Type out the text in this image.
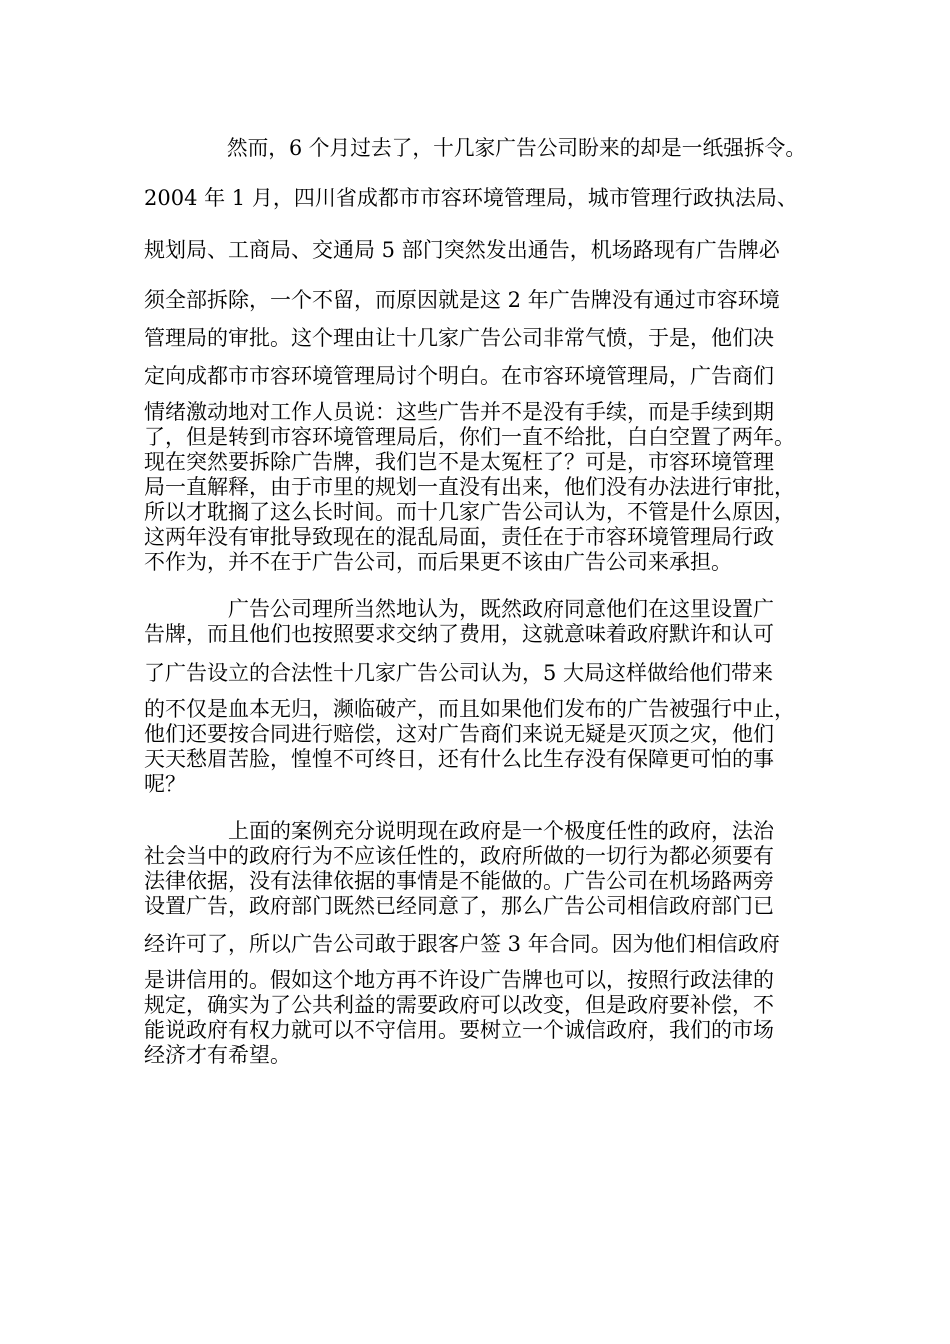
　　　　然而，6 个月过去了，十几家广告公司盼来的却是一纸强拆令。
2004 年 1 月，四川省成都市市容环境管理局，城市管理行政执法局、
规划局、工商局、交通局 5 部门突然发出通告，机场路现有广告牌必
须全部拆除，一个不留，而原因就是这 2 年广告牌没有通过市容环境
管理局的审批。这个理由让十几家广告公司非常气愤，于是，他们决
定向成都市市容环境管理局讨个明白。在市容环境管理局，广告商们
情绪激动地对工作人员说：这些广告并不是没有手续，而是手续到期
了，但是转到市容环境管理局后，你们一直不给批，白白空置了两年。
现在突然要拆除广告牌，我们岂不是太冤枉了？可是，市容环境管理
局一直解释，由于市里的规划一直没有出来，他们没有办法进行审批，
所以才耽搁了这么长时间。而十几家广告公司认为，不管是什么原因，
这两年没有审批导致现在的混乱局面，责任在于市容环境管理局行政
不作为，并不在于广告公司，而后果更不该由广告公司来承担。
　　　　广告公司理所当然地认为，既然政府同意他们在这里设置广
告牌，而且他们也按照要求交纳了费用，这就意味着政府默许和认可
了广告设立的合法性十几家广告公司认为，5 大局这样做给他们带来
的不仅是血本无归，濒临破产，而且如果他们发布的广告被强行中止，
他们还要按合同进行赔偿，这对广告商们来说无疑是灭顶之灾，他们
天天愁眉苦脸，惶惶不可终日，还有什么比生存没有保障更可怕的事
呢？
　　　　上面的案例充分说明现在政府是一个极度任性的政府，法治
社会当中的政府行为不应该任性的，政府所做的一切行为都必须要有
法律依据，没有法律依据的事情是不能做的。广告公司在机场路两旁
设置广告，政府部门既然已经同意了，那么广告公司相信政府部门已
经许可了，所以广告公司敢于跟客户签 3 年合同。因为他们相信政府
是讲信用的。假如这个地方再不许设广告牌也可以，按照行政法律的
规定，确实为了公共利益的需要政府可以改变，但是政府要补偿，不
能说政府有权力就可以不守信用。要树立一个诚信政府，我们的市场
经济才有希望。
